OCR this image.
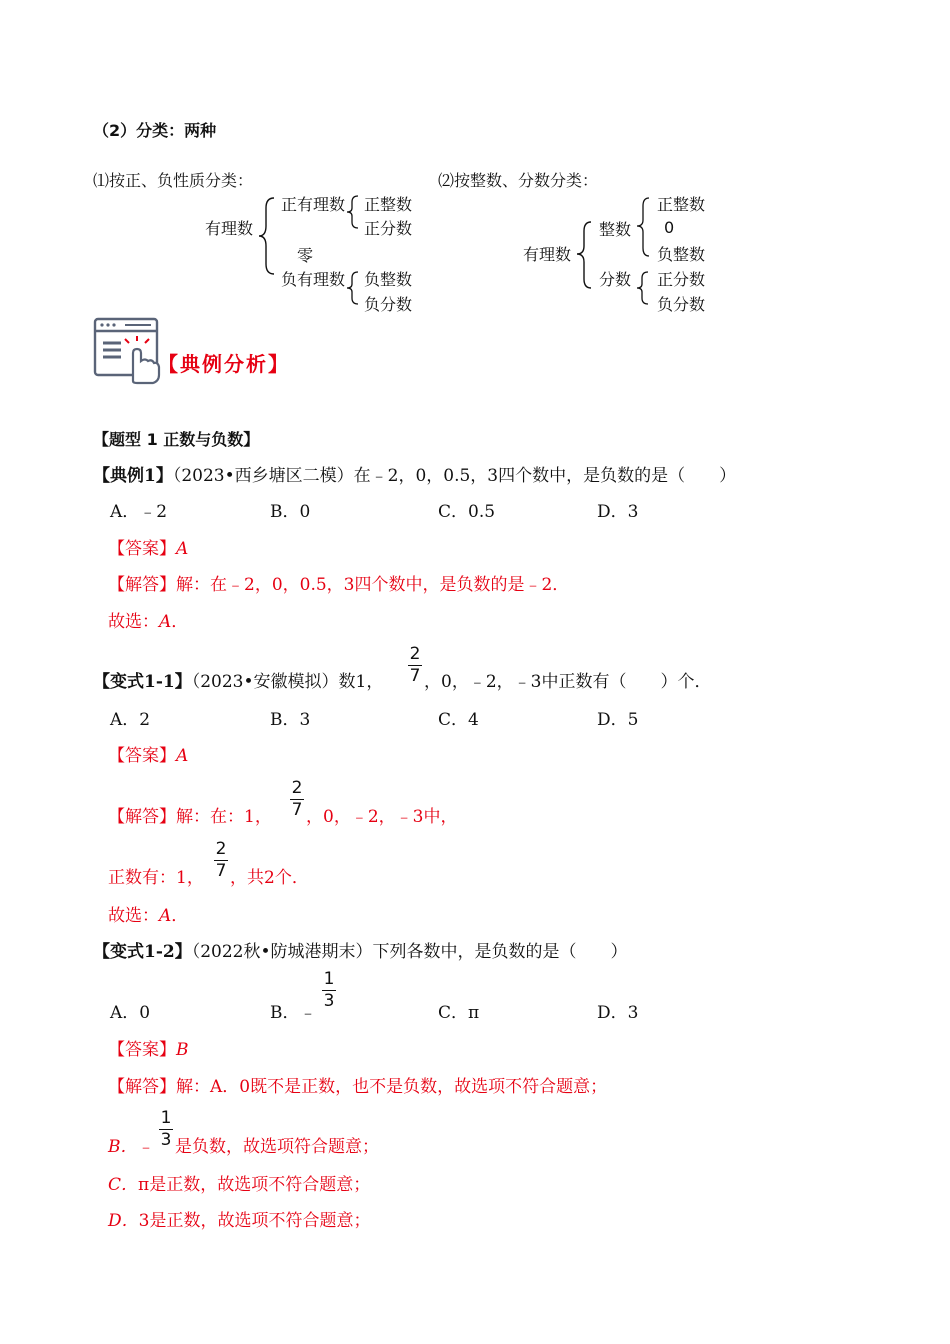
（2）分类：两种
⑴按正、负性质分类：
有理数
正有理数 正整数
正分数
零
负有理数 负整数
负分数
⑵按整数、分数分类：
有理数
整数
正整数
0
负整数
分数 正分数
负分数
【典例分析】
【题型 1 正数与负数】
【典例1】（2023•西乡塘区二模）在﹣2，0，0.5，3四个数中，是负数的是（　　）
A．﹣2	B．0	C．0.5	D．3
【答案】A
【解答】解：在﹣2，0，0.5，3四个数中，是负数的是﹣2．
故选：A．
【变式1-1】（2023•安徽模拟）数1，
2
7 ，0，﹣2，﹣3中正数有（　　）个．
A．2	B．3	C．4	D．5
【答案】A
【解答】解：在：1，
2
7 ，0，﹣2，﹣3中，
正数有：1，
2
7 ，共2个．
故选：A．
【变式1-2】（2022秋•防城港期末）下列各数中，是负数的是（　　）
A．0	B．﹣
1
3
C．π	D．3
【答案】B
【解答】解：A．0既不是正数，也不是负数，故选项不符合题意；
B．﹣
1
3 是负数，故选项符合题意；
C．π是正数，故选项不符合题意；
D．3是正数，故选项不符合题意；
